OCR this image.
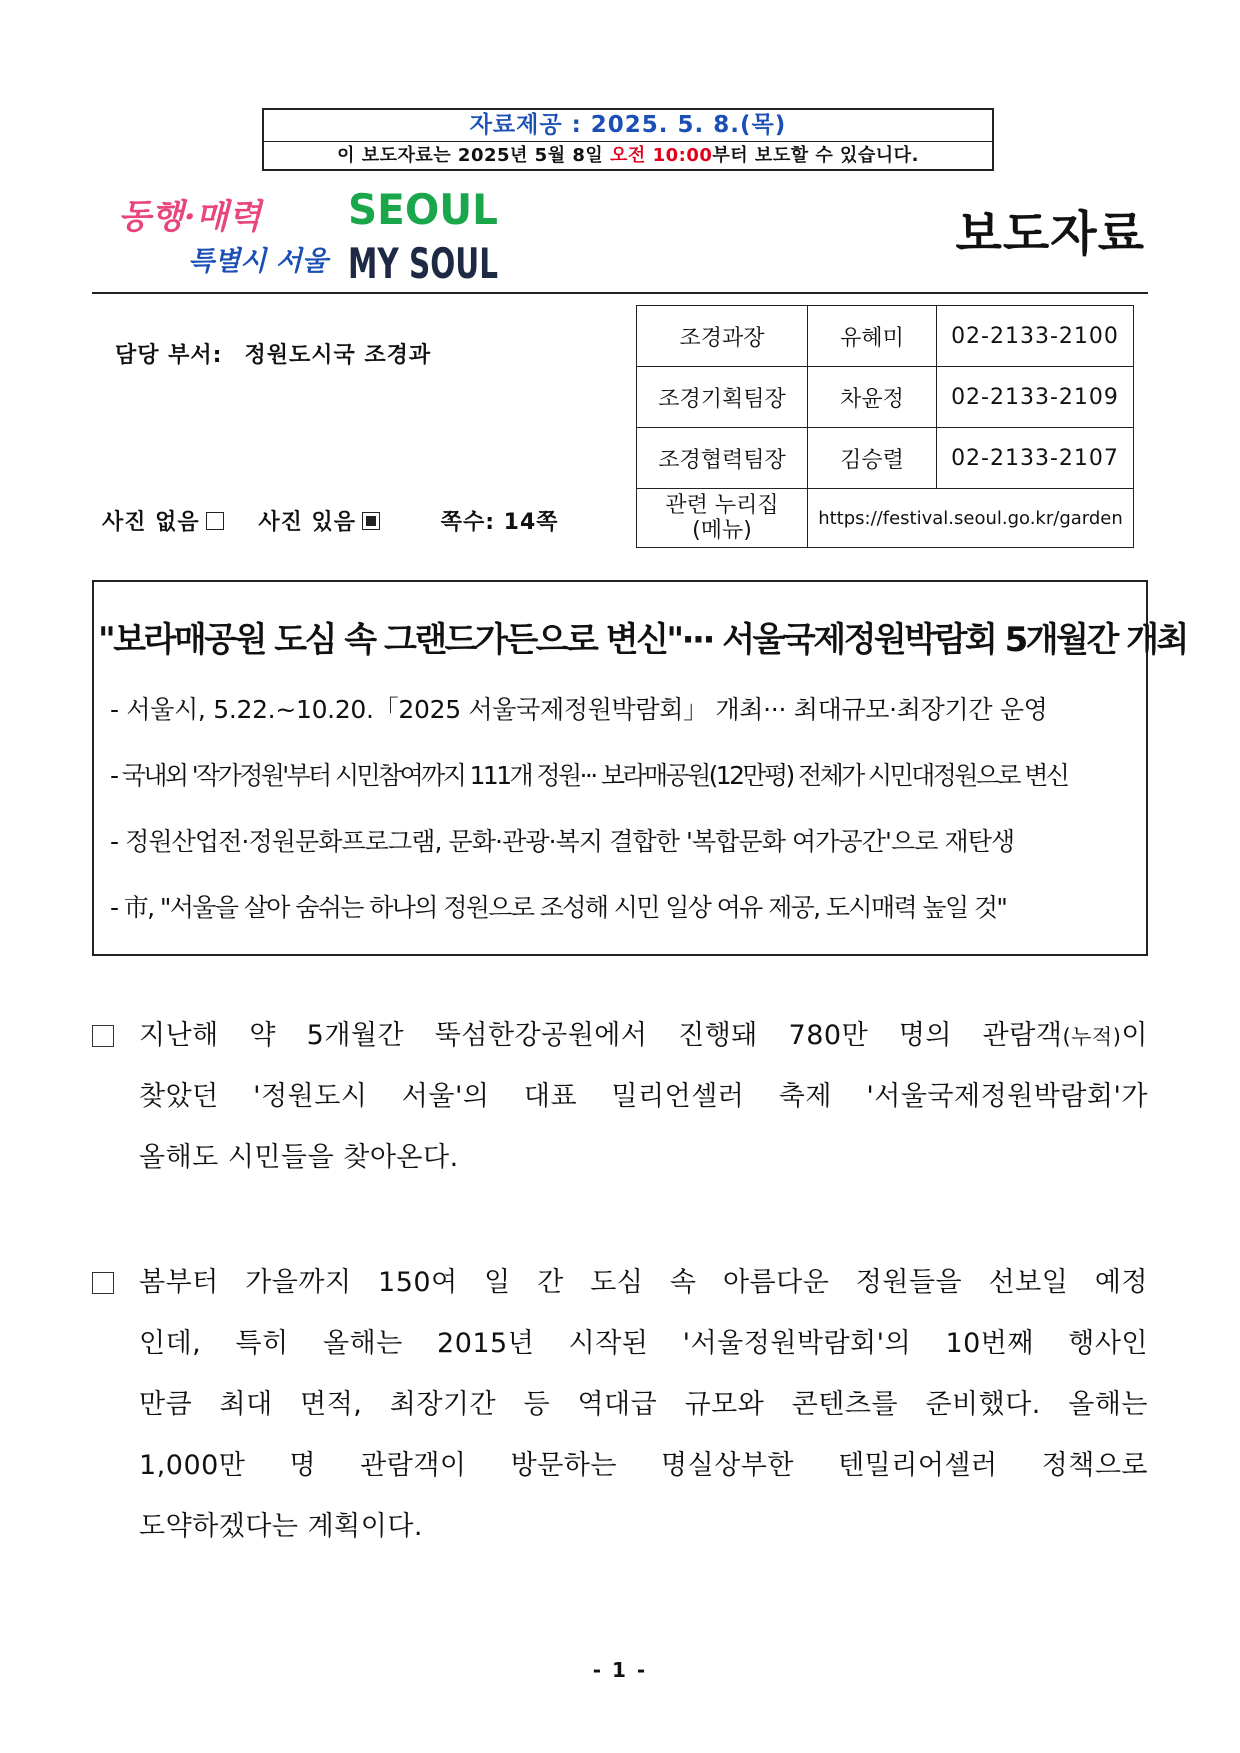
자료제공 : 2025. 5. 8.(목)
이 보도자료는 2025년 5월 8일 오전 10:00부터 보도할 수 있습니다.
동행·매력
특별시 서울
SEOUL
MY SOUL
보도자료
담당 부서: 정원도시국 조경과
조경과장	유혜미	02-2133-2100
조경기획팀장	차윤정	02-2133-2109
조경협력팀장	김승렬	02-2133-2107
관련 누리집
(메뉴)	https://festival.seoul.go.kr/garden	
사진 없음	사진 있음	쪽수: 14쪽
"보라매공원 도심 속 그랜드가든으로 변신"··· 서울국제정원박람회 5개월간 개최
- 서울시, 5.22.~10.20.「2025 서울국제정원박람회」 개최··· 최대규모·최장기간 운영
- 국내외 '작가정원'부터 시민참여까지 111개 정원··· 보라매공원(12만평) 전체가 시민대정원으로 변신
- 정원산업전·정원문화프로그램, 문화·관광·복지 결합한 '복합문화 여가공간'으로 재탄생
- 市, "서울을 살아 숨쉬는 하나의 정원으로 조성해 시민 일상 여유 제공, 도시매력 높일 것"
지난해 약 5개월간 뚝섬한강공원에서 진행돼 780만 명의 관람객(누적)이
찾았던 '정원도시 서울'의 대표 밀리언셀러 축제 '서울국제정원박람회'가
올해도 시민들을 찾아온다.
봄부터 가을까지 150여 일 간 도심 속 아름다운 정원들을 선보일 예정
인데, 특히 올해는 2015년 시작된 '서울정원박람회'의 10번째 행사인
만큼 최대 면적, 최장기간 등 역대급 규모와 콘텐츠를 준비했다. 올해는
1,000만 명 관람객이 방문하는 명실상부한 텐밀리어셀러 정책으로
도약하겠다는 계획이다.
- 1 -
